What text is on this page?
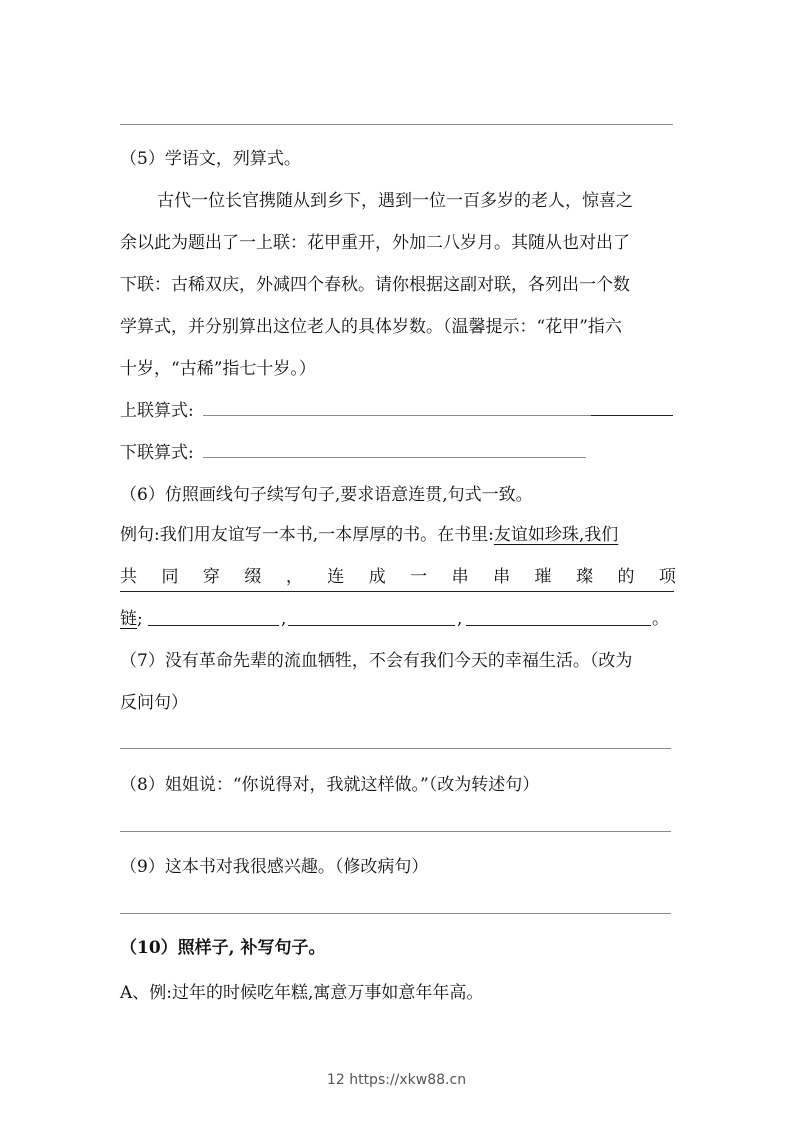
（5）学语文，列算式。
古代一位长官携随从到乡下，遇到一位一百多岁的老人，惊喜之
余以此为题出了一上联：花甲重开，外加二八岁月。其随从也对出了
下联：古稀双庆，外减四个春秋。请你根据这副对联，各列出一个数
学算式，并分别算出这位老人的具体岁数。（温馨提示：“花甲”指六
十岁，“古稀”指七十岁。）
上联算式:
下联算式:
（6）仿照画线句子续写句子,要求语意连贯,句式一致。
例句:我们用友谊写一本书,一本厚厚的书。在书里:友谊如珍珠,我们
共 同 穿 缀 ， 连 成 一 串 串 璀 璨 的 项
链;	,	,	。
（7）没有革命先辈的流血牺牲，不会有我们今天的幸福生活。（改为
反问句）
（8）姐姐说：“你说得对，我就这样做。”（改为转述句）
（9）这本书对我很感兴趣。（修改病句）
（10）照样子, 补写句子。
A、例:过年的时候吃年糕,寓意万事如意年年高。
12 https://xkw88.cn
